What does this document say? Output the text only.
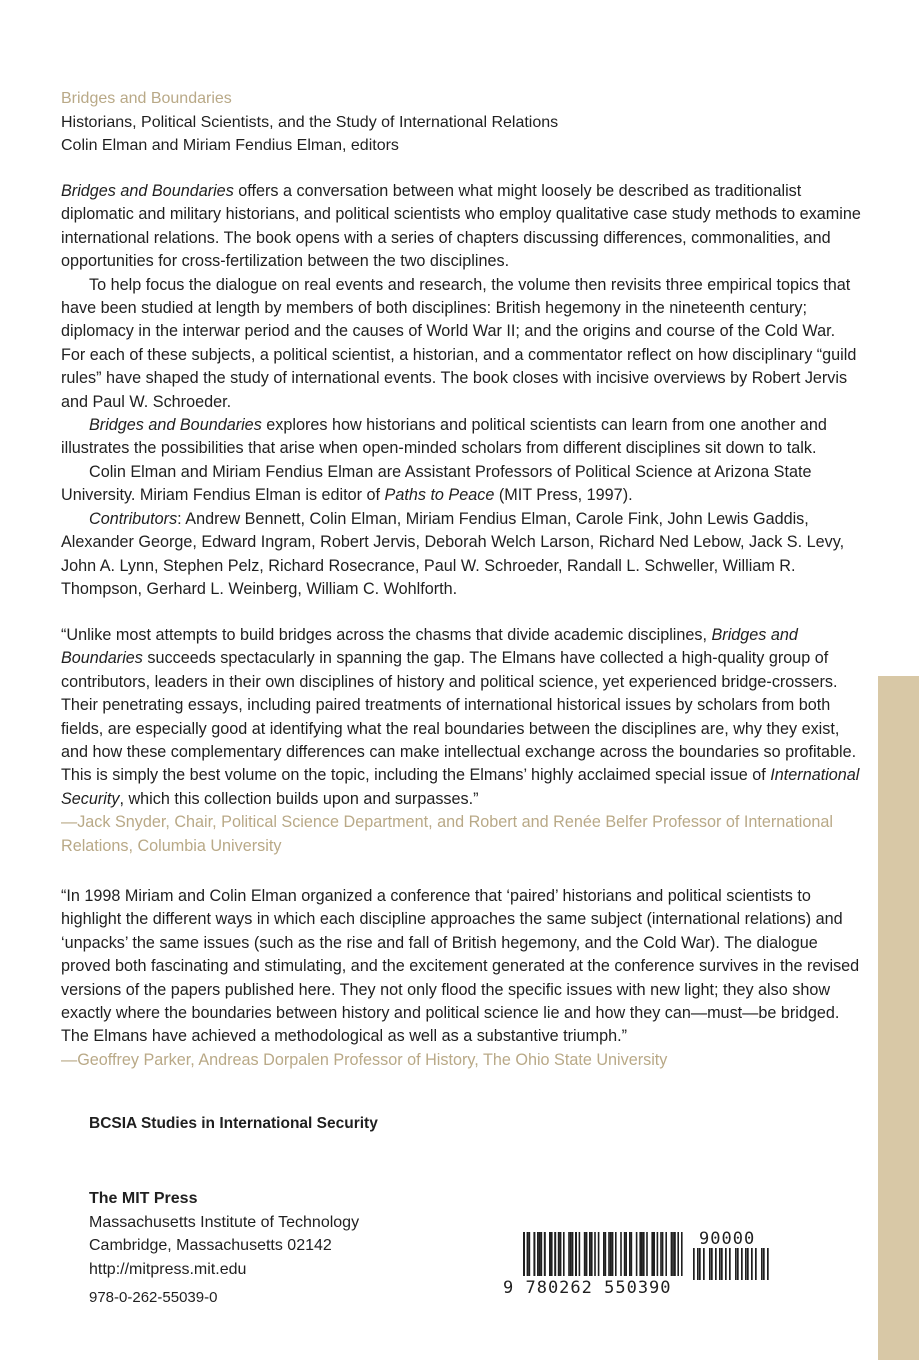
Bridges and Boundaries
Historians, Political Scientists, and the Study of International Relations
Colin Elman and Miriam Fendius Elman, editors

Bridges and Boundaries offers a conversation between what might loosely be described as traditionalist diplomatic and military historians, and political scientists who employ qualitative case study methods to examine international relations. The book opens with a series of chapters discussing differences, commonalities, and opportunities for cross-fertilization between the two disciplines.

To help focus the dialogue on real events and research, the volume then revisits three empirical topics that have been studied at length by members of both disciplines: British hegemony in the nineteenth century; diplomacy in the interwar period and the causes of World War II; and the origins and course of the Cold War. For each of these subjects, a political scientist, a historian, and a commentator reflect on how disciplinary “guild rules” have shaped the study of international events. The book closes with incisive overviews by Robert Jervis and Paul W. Schroeder.

Bridges and Boundaries explores how historians and political scientists can learn from one another and illustrates the possibilities that arise when open-minded scholars from different disciplines sit down to talk.

Colin Elman and Miriam Fendius Elman are Assistant Professors of Political Science at Arizona State University. Miriam Fendius Elman is editor of Paths to Peace (MIT Press, 1997).

Contributors: Andrew Bennett, Colin Elman, Miriam Fendius Elman, Carole Fink, John Lewis Gaddis, Alexander George, Edward Ingram, Robert Jervis, Deborah Welch Larson, Richard Ned Lebow, Jack S. Levy, John A. Lynn, Stephen Pelz, Richard Rosecrance, Paul W. Schroeder, Randall L. Schweller, William R. Thompson, Gerhard L. Weinberg, William C. Wohlforth.

“Unlike most attempts to build bridges across the chasms that divide academic disciplines, Bridges and Boundaries succeeds spectacularly in spanning the gap. The Elmans have collected a high-quality group of contributors, leaders in their own disciplines of history and political science, yet experienced bridge-crossers. Their penetrating essays, including paired treatments of international historical issues by scholars from both fields, are especially good at identifying what the real boundaries between the disciplines are, why they exist, and how these complementary differences can make intellectual exchange across the boundaries so profitable. This is simply the best volume on the topic, including the Elmans’ highly acclaimed special issue of International Security, which this collection builds upon and surpasses.”

—Jack Snyder, Chair, Political Science Department, and Robert and Renée Belfer Professor of International Relations, Columbia University

“In 1998 Miriam and Colin Elman organized a conference that ‘paired’ historians and political scientists to highlight the different ways in which each discipline approaches the same subject (international relations) and ‘unpacks’ the same issues (such as the rise and fall of British hegemony, and the Cold War). The dialogue proved both fascinating and stimulating, and the excitement generated at the conference survives in the revised versions of the papers published here. They not only flood the specific issues with new light; they also show exactly where the boundaries between history and political science lie and how they can—must—be bridged. The Elmans have achieved a methodological as well as a substantive triumph.”

—Geoffrey Parker, Andreas Dorpalen Professor of History, The Ohio State University
BCSIA Studies in International Security
The MIT Press
Massachusetts Institute of Technology
Cambridge, Massachusetts 02142
http://mitpress.mit.edu
978-0-262-55039-0	9 780262 550390
90000
